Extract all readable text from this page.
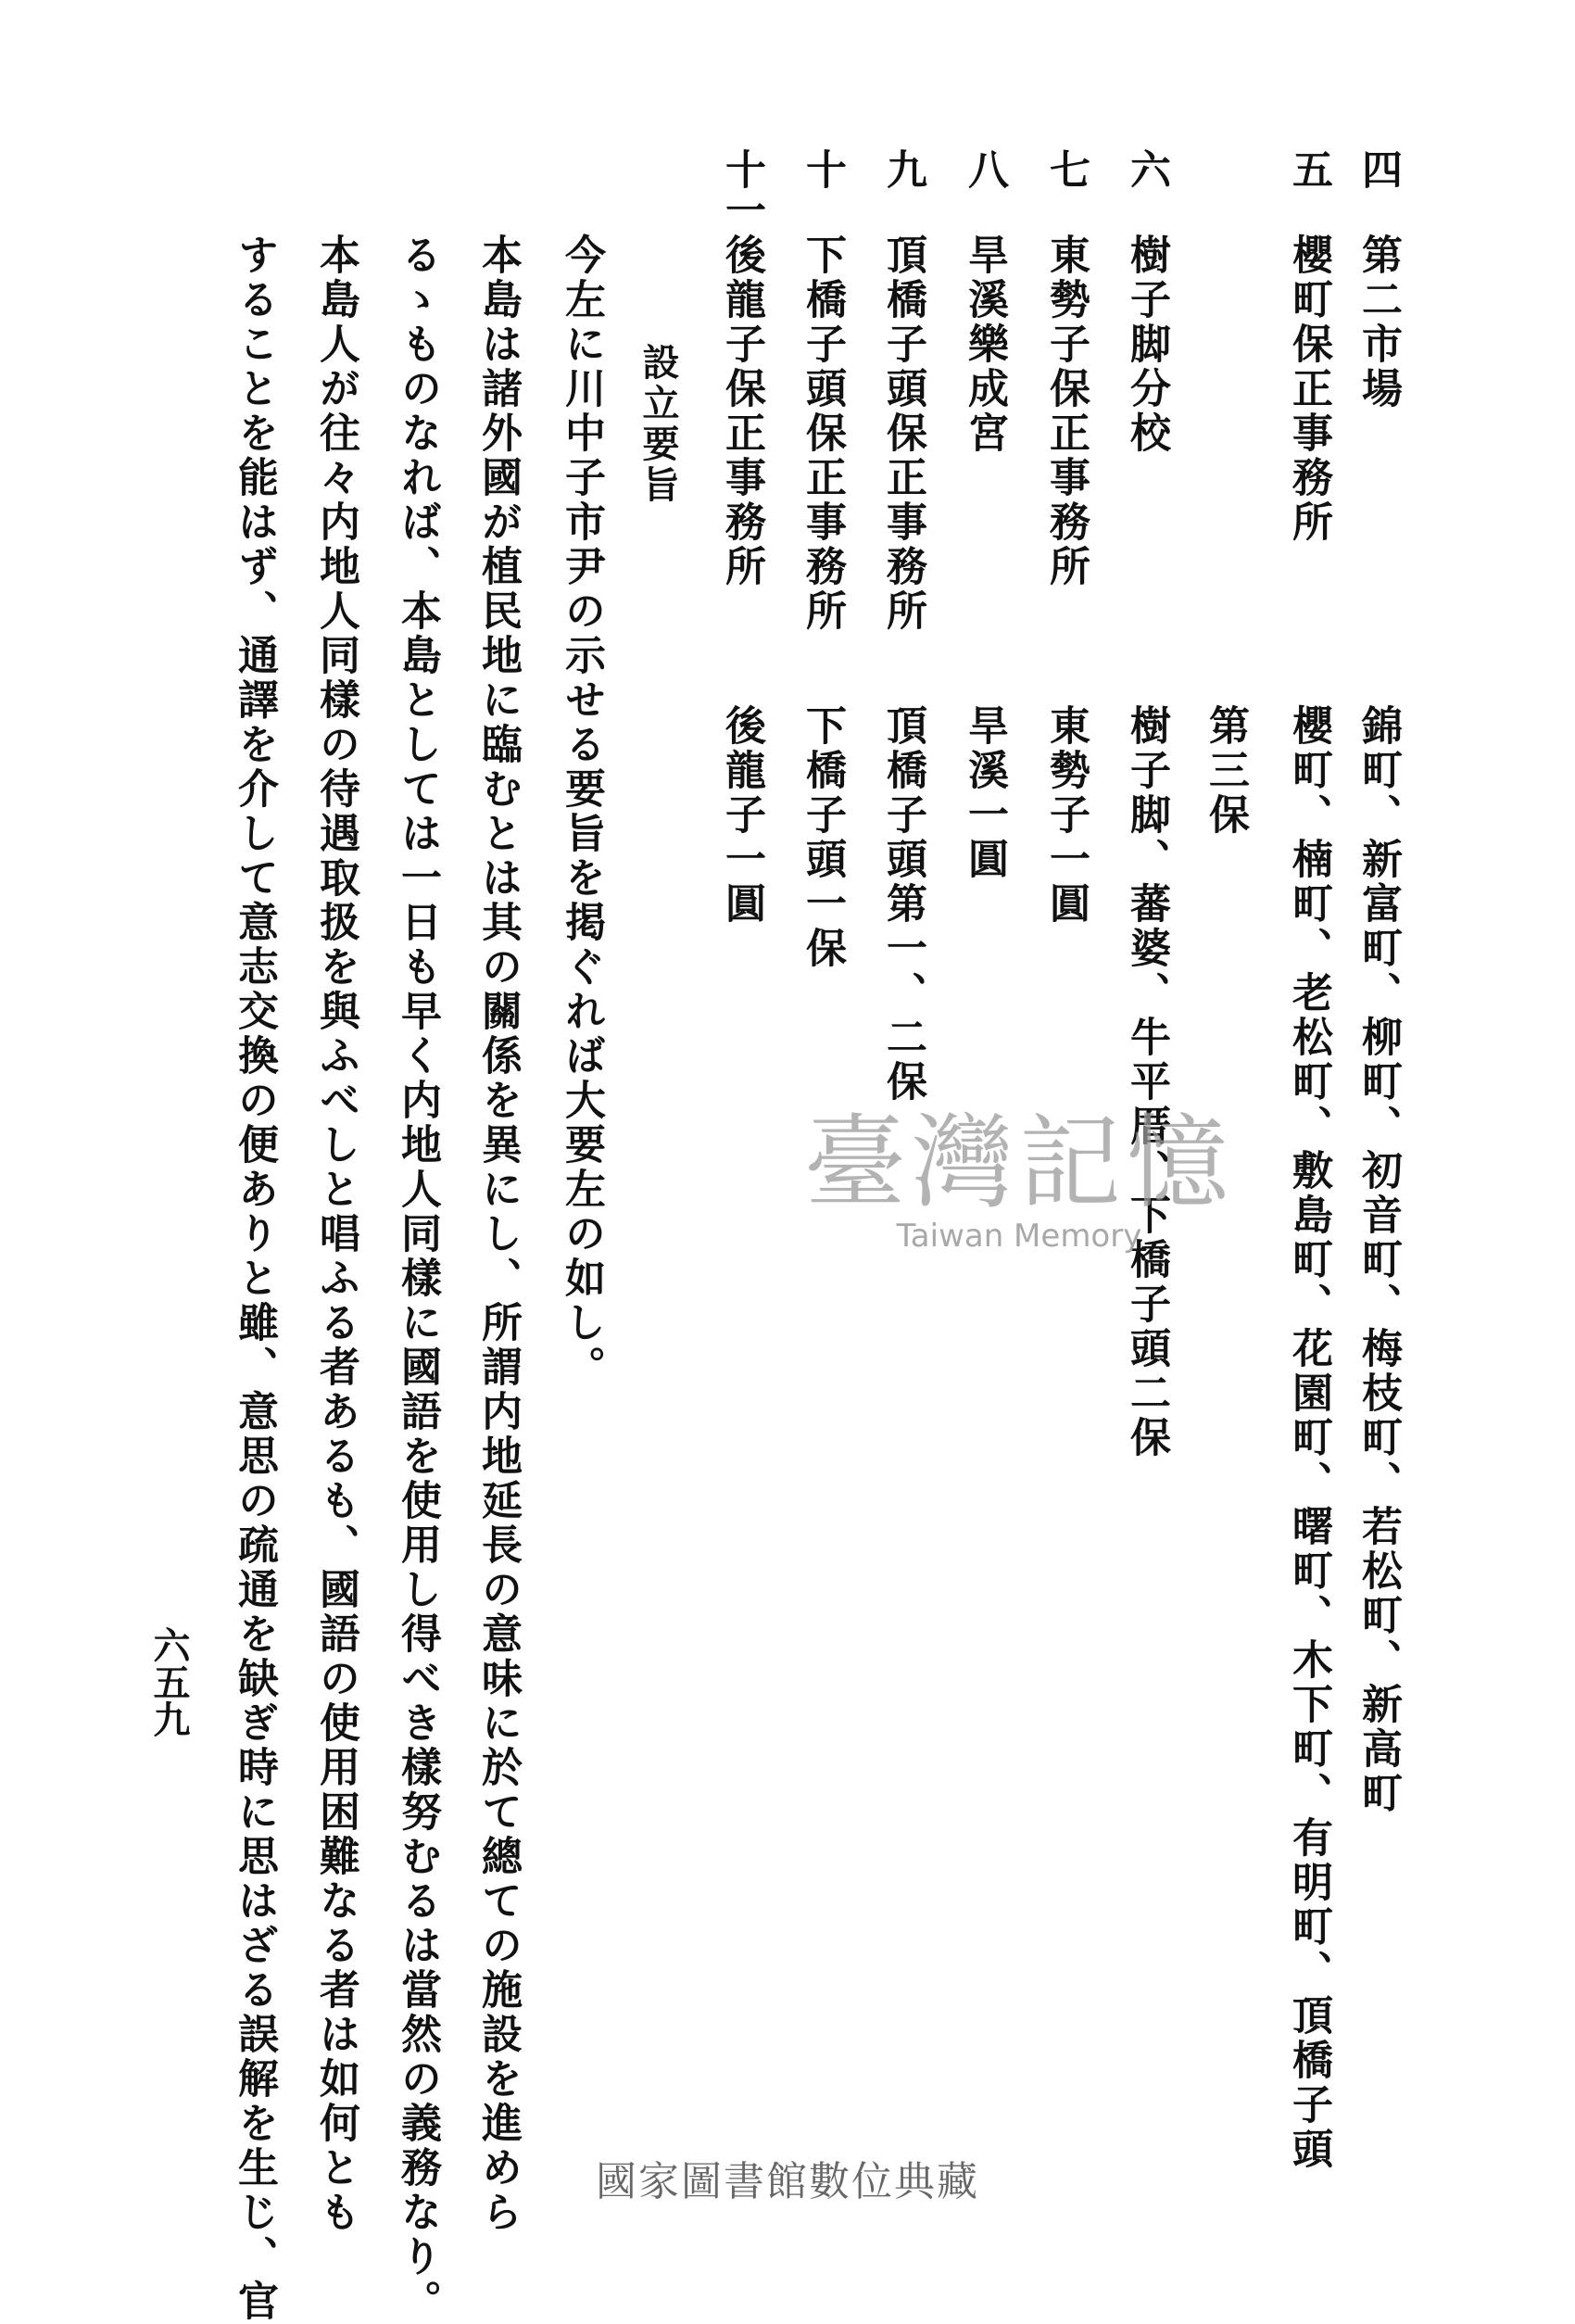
四
第二市場
錦町、新富町、柳町、初音町、梅枝町、若松町、新高町
五
櫻町保正事務所
櫻町、楠町、老松町、敷島町、花園町、曙町、木下町、有明町、頂橋子頭
第三保
六
樹子脚分校
樹子脚、蕃婆、牛平厝、下橋子頭二保
七
東勢子保正事務所
東勢子一圓
八
旱溪樂成宮
旱溪一圓
九
頂橋子頭保正事務所
頂橋子頭第一、二保
十
下橋子頭保正事務所
下橋子頭一保
十一
後龍子保正事務所
後龍子一圓
設立要旨
今左に川中子市尹の示せる要旨を掲ぐれば大要左の如し。
本島は諸外國が植民地に臨むとは其の關係を異にし、所謂内地延長の意味に於て總ての施設を進めら
るゝものなれば、本島としては一日も早く内地人同樣に國語を使用し得べき樣努むるは當然の義務なり。
本島人が往々内地人同樣の待遇取扱を與ふべしと唱ふる者あるも、國語の使用困難なる者は如何とも
することを能はず、通譯を介して意志交換の便ありと雖、意思の疏通を缺ぎ時に思はざる誤解を生じ、官
六五九
臺灣記憶
Taiwan Memory
國家圖書館數位典藏
